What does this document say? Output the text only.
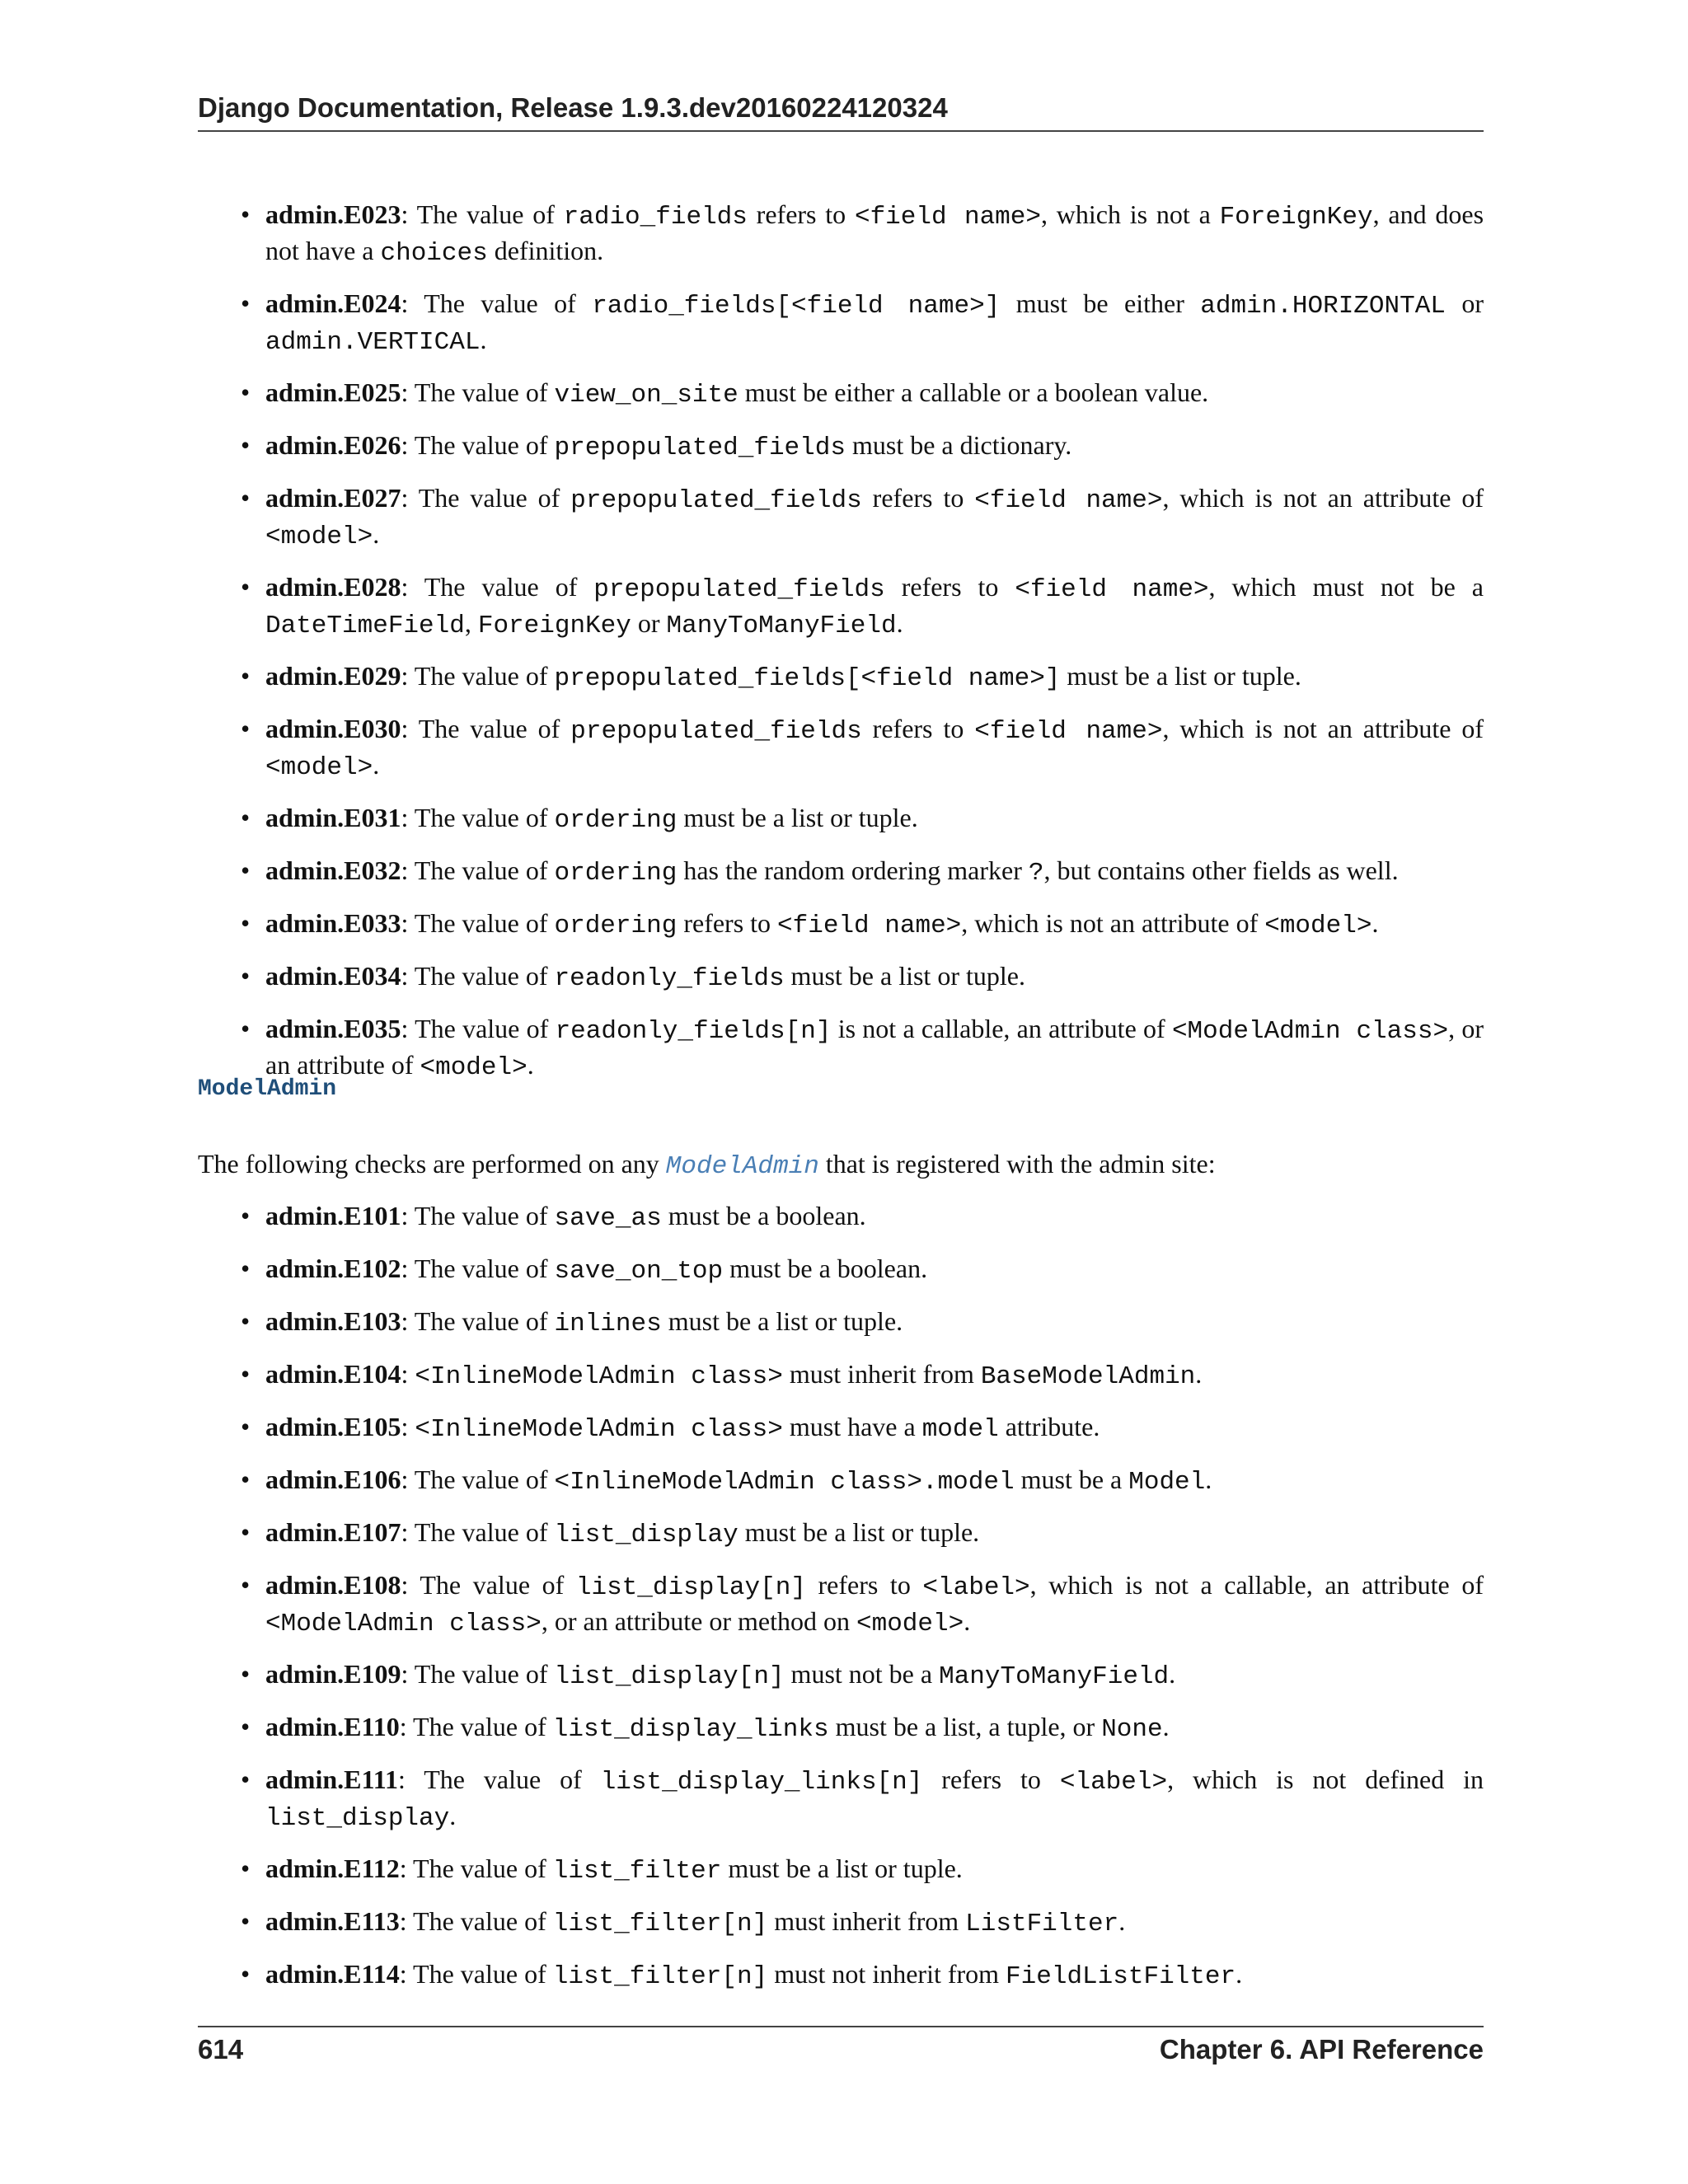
Django Documentation, Release 1.9.3.dev20160224120324
• admin.E023: The value of radio_fields refers to <field name>, which is not a ForeignKey, and does not have a choices definition.
• admin.E024: The value of radio_fields[<field name>] must be either admin.HORIZONTAL or admin.VERTICAL.
• admin.E025: The value of view_on_site must be either a callable or a boolean value.
• admin.E026: The value of prepopulated_fields must be a dictionary.
• admin.E027: The value of prepopulated_fields refers to <field name>, which is not an attribute of <model>.
• admin.E028: The value of prepopulated_fields refers to <field name>, which must not be a DateTimeField, ForeignKey or ManyToManyField.
• admin.E029: The value of prepopulated_fields[<field name>] must be a list or tuple.
• admin.E030: The value of prepopulated_fields refers to <field name>, which is not an attribute of <model>.
• admin.E031: The value of ordering must be a list or tuple.
• admin.E032: The value of ordering has the random ordering marker ?, but contains other fields as well.
• admin.E033: The value of ordering refers to <field name>, which is not an attribute of <model>.
• admin.E034: The value of readonly_fields must be a list or tuple.
• admin.E035: The value of readonly_fields[n] is not a callable, an attribute of <ModelAdmin class>, or an attribute of <model>.
ModelAdmin
The following checks are performed on any ModelAdmin that is registered with the admin site:
• admin.E101: The value of save_as must be a boolean.
• admin.E102: The value of save_on_top must be a boolean.
• admin.E103: The value of inlines must be a list or tuple.
• admin.E104: <InlineModelAdmin class> must inherit from BaseModelAdmin.
• admin.E105: <InlineModelAdmin class> must have a model attribute.
• admin.E106: The value of <InlineModelAdmin class>.model must be a Model.
• admin.E107: The value of list_display must be a list or tuple.
• admin.E108: The value of list_display[n] refers to <label>, which is not a callable, an attribute of <ModelAdmin class>, or an attribute or method on <model>.
• admin.E109: The value of list_display[n] must not be a ManyToManyField.
• admin.E110: The value of list_display_links must be a list, a tuple, or None.
• admin.E111: The value of list_display_links[n] refers to <label>, which is not defined in list_display.
• admin.E112: The value of list_filter must be a list or tuple.
• admin.E113: The value of list_filter[n] must inherit from ListFilter.
• admin.E114: The value of list_filter[n] must not inherit from FieldListFilter.
614	Chapter 6. API Reference
